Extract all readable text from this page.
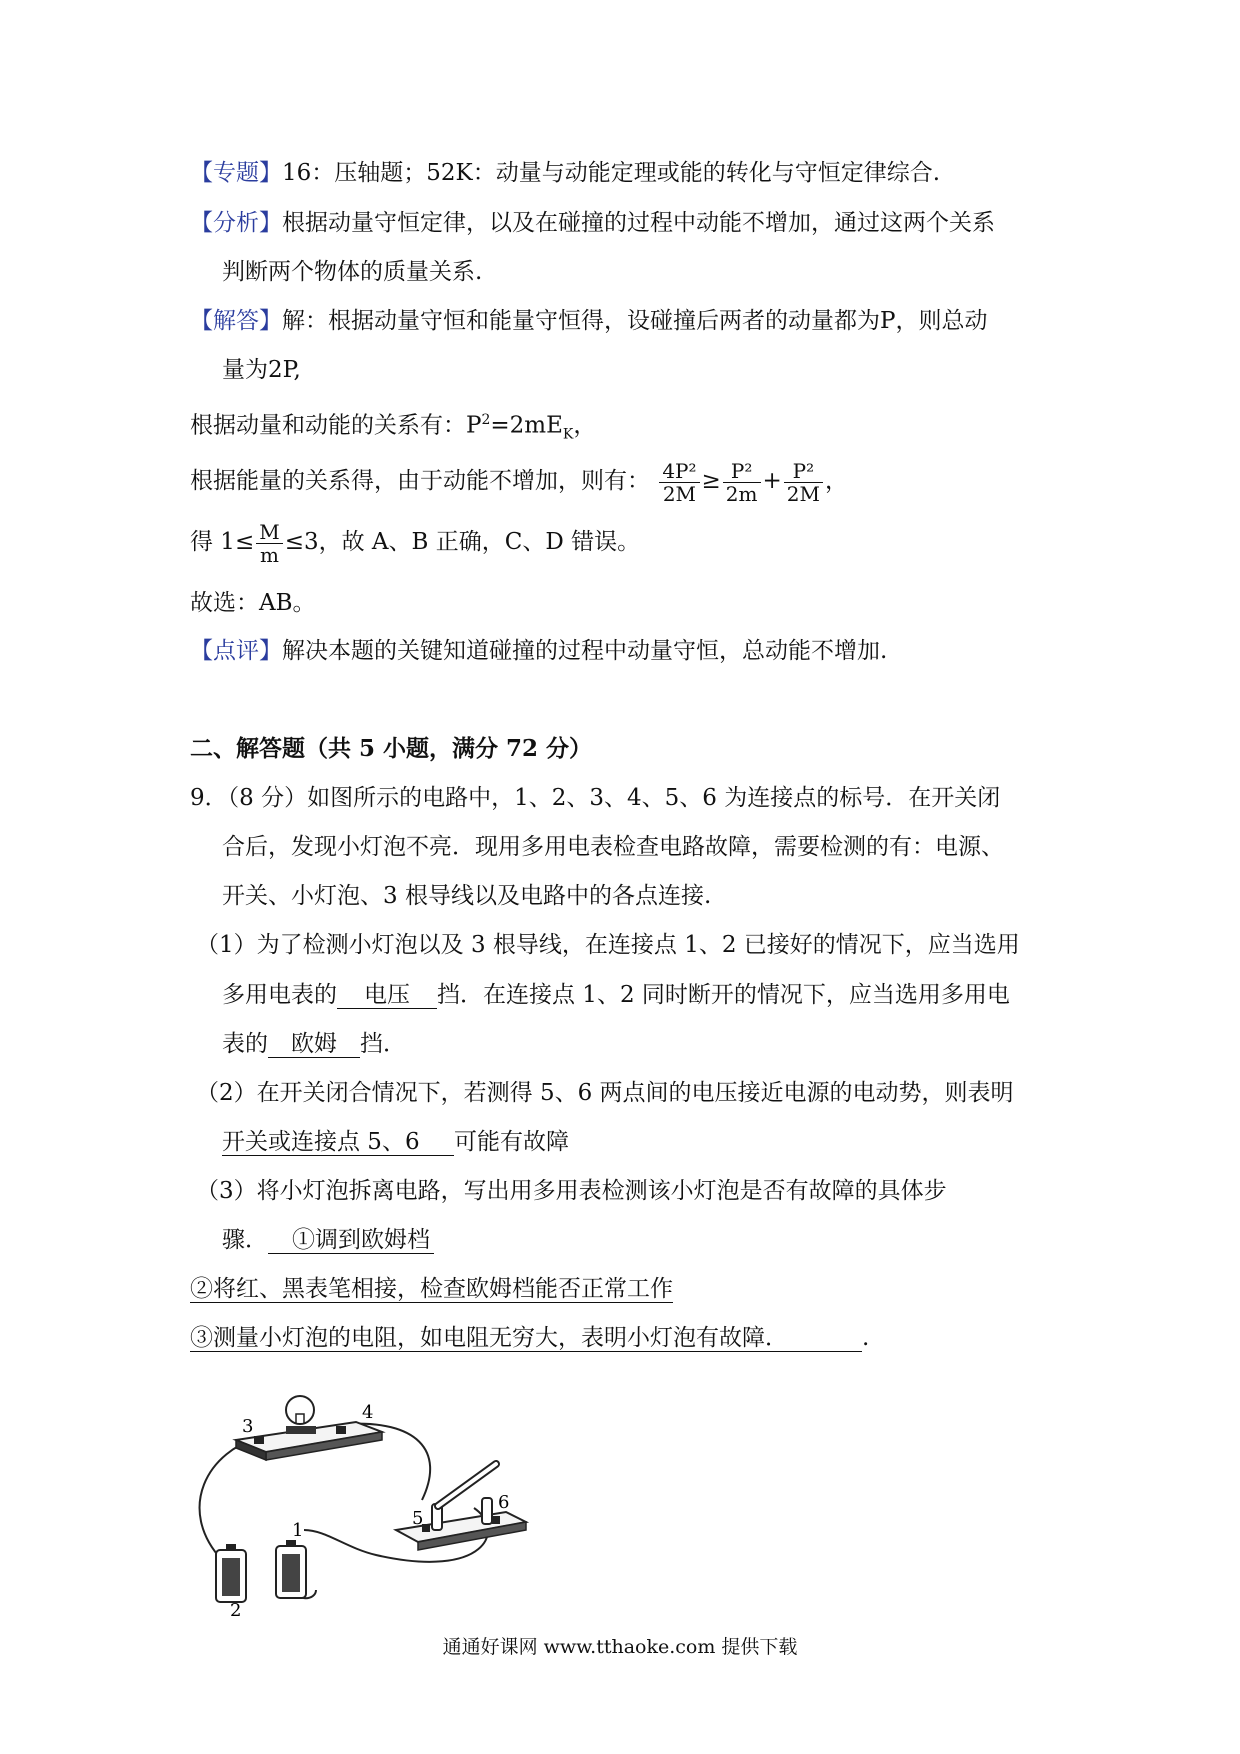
【专题】16：压轴题；52K：动量与动能定理或能的转化与守恒定律综合.
【分析】根据动量守恒定律，以及在碰撞的过程中动能不增加，通过这两个关系
判断两个物体的质量关系.
【解答】解：根据动量守恒和能量守恒得，设碰撞后两者的动量都为P，则总动
量为2P,
根据动量和动能的关系有：$P^2=2mE_K$，
根据能量的关系得，由于动能不增加，则有： $\frac{\text{4P²}}{2M} \ge \frac{\text{P²}}{2m} + \frac{\text{P²}}{2M}$ ，
得 $1\le \frac{M}{m} \le 3$，故 A、B 正确，C、D 错误。
故选：AB。
【点评】解决本题的关键知道碰撞的过程中动量守恒，总动能不增加.
二、解答题（共 5 小题，满分 72 分）
9．（8 分）如图所示的电路中，1、2、3、4、5、6 为连接点的标号．在开关闭
合后，发现小灯泡不亮．现用多用电表检查电路故障，需要检测的有：电源、
开关、小灯泡、3 根导线以及电路中的各点连接.
（1）为了检测小灯泡以及 3 根导线，在连接点 1、2 已接好的情况下，应当选用
多用电表的 电压 挡．在连接点 1、2 同时断开的情况下，应当选用多用电
表的 欧姆 挡．
（2）在开关闭合情况下，若测得 5、6 两点间的电压接近电源的电动势，则表明
开关或连接点 5、6 可能有故障
（3）将小灯泡拆离电路，写出用多用表检测该小灯泡是否有故障的具体步
骤． ①调到欧姆档
②将红、黑表笔相接，检查欧姆档能否正常工作
③测量小灯泡的电阻，如电阻无穷大，表明小灯泡有故障．	.
3
4
5
6
1
2
通通好课网 www.tthaoke.com 提供下载
